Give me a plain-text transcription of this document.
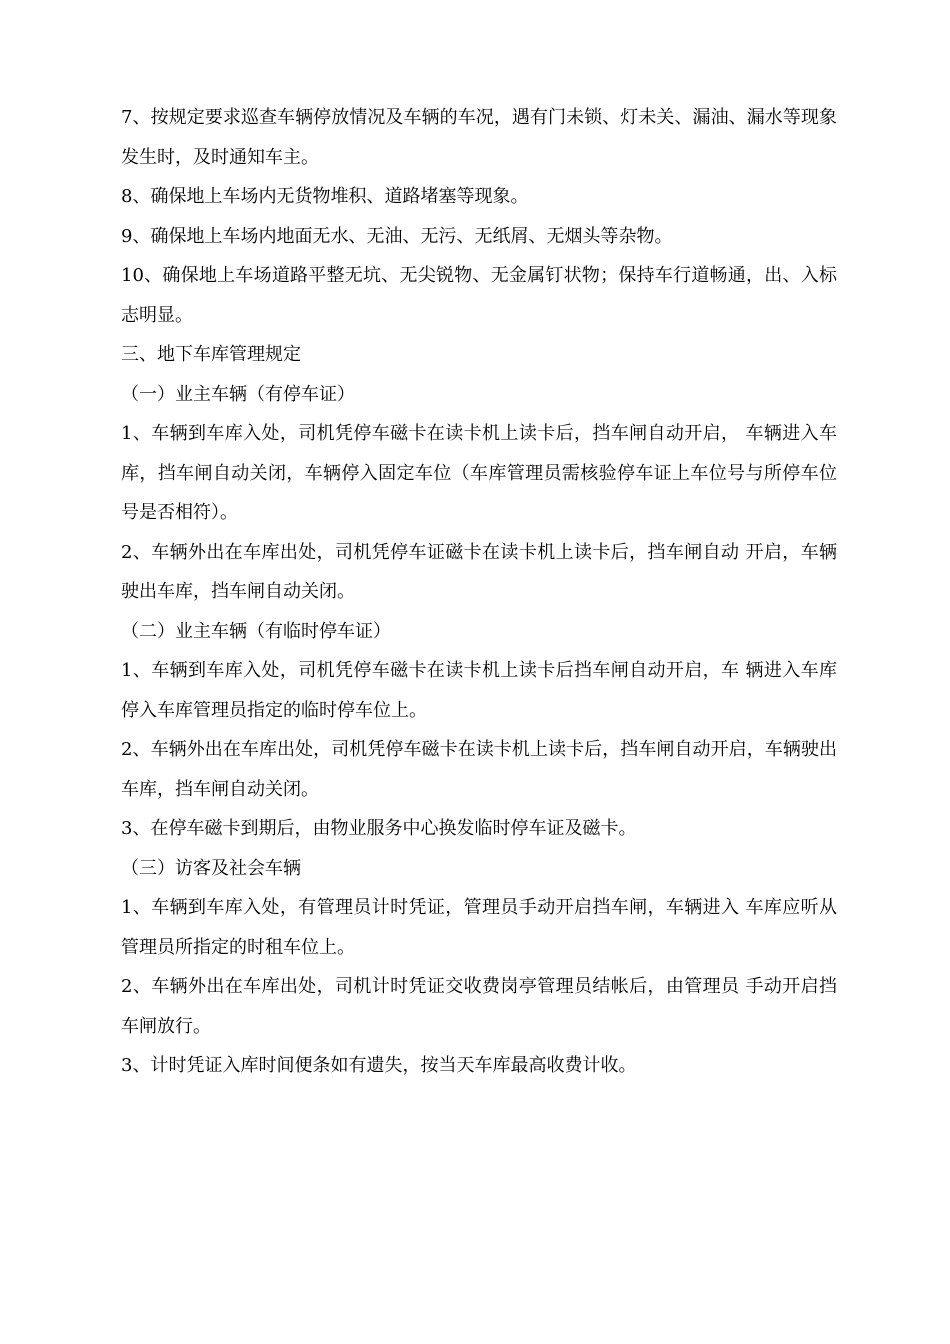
7、按规定要求巡查车辆停放情况及车辆的车况，遇有门未锁、灯未关、漏油、漏水等现象发生时，及时通知车主。

8、确保地上车场内无货物堆积、道路堵塞等现象。

9、确保地上车场内地面无水、无油、无污、无纸屑、无烟头等杂物。

10、确保地上车场道路平整无坑、无尖锐物、无金属钉状物；保持车行道畅通，出、入标志明显。

三、地下车库管理规定

（一）业主车辆（有停车证）

1、车辆到车库入处，司机凭停车磁卡在读卡机上读卡后，挡车闸自动开启， 车辆进入车库，挡车闸自动关闭，车辆停入固定车位（车库管理员需核验停车证上车位号与所停车位号是否相符）。

2、车辆外出在车库出处，司机凭停车证磁卡在读卡机上读卡后，挡车闸自动 开启，车辆驶出车库，挡车闸自动关闭。

（二）业主车辆（有临时停车证）

1、车辆到车库入处，司机凭停车磁卡在读卡机上读卡后挡车闸自动开启，车 辆进入车库停入车库管理员指定的临时停车位上。

2、车辆外出在车库出处，司机凭停车磁卡在读卡机上读卡后，挡车闸自动开启，车辆驶出车库，挡车闸自动关闭。

3、在停车磁卡到期后，由物业服务中心换发临时停车证及磁卡。

（三）访客及社会车辆

1、车辆到车库入处，有管理员计时凭证，管理员手动开启挡车闸，车辆进入 车库应听从管理员所指定的时租车位上。

2、车辆外出在车库出处，司机计时凭证交收费岗亭管理员结帐后，由管理员 手动开启挡车闸放行。

3、计时凭证入库时间便条如有遗失，按当天车库最高收费计收。
